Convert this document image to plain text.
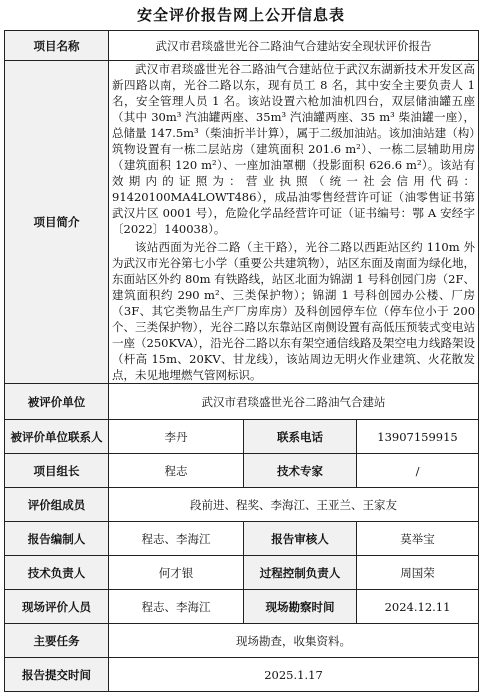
安全评价报告网上公开信息表
项目名称	武汉市君琰盛世光谷二路油气合建站安全现状评价报告		
项目简介	武汉市君琰盛世光谷二路油气合建站位于武汉东湖新技术开发区高新四路以南，光谷二路以东，现有员工 8 名，其中安全主要负责人 1 名，安全管理人员 1 名。该站设置六枪加油机四台，双层储油罐五座（其中 30m³ 汽油罐两座、35m³ 汽油罐两座、35 m³ 柴油罐一座），总储量 147.5m³（柴油折半计算），属于二级加油站。该加油站建（构）筑物设置有一栋二层站房（建筑面积 201.6 m²）、一栋二层辅助用房（建筑面积 120 m²）、一座加油罩棚（投影面积 626.6 m²）。该站有效期内的证照为：营业执照（统一社会信用代码：91420100MA4LOWT486），成品油零售经营许可证（油零售证书第武汉片区 0001 号），危险化学品经营许可证（证书编号：鄂 A 安经字〔2022〕140038）。

该站西面为光谷二路（主干路），光谷二路以西距站区约 110m 外为武汉市光谷第七小学（重要公共建筑物），站区东面及南面为绿化地，东面站区外约 80m 有铁路线，站区北面为锦湖 1 号科创园门房（2F、建筑面积约 290 m²、三类保护物）；锦湖 1 号科创园办公楼、厂房（3F、其它类物品生产厂房库房）及科创园停车位（停车位小于 200 个、三类保护物），光谷二路以东靠站区南侧设置有高低压预装式变电站一座（250KVA），沿光谷二路以东有架空通信线路及架空电力线路架设（杆高 15m、20KV、甘龙线），该站周边无明火作业建筑、火花散发点，未见地埋燃气管网标识。		

被评价单位	武汉市君琰盛世光谷二路油气合建站		
被评价单位联系人	李丹	联系电话	13907159915
项目组长	程志	技术专家	/
评价组成员	段前进、程奖、李海江、王亚兰、王家友		
报告编制人	程志、李海江	报告审核人	莫举宝
技术负责人	何才银	过程控制负责人	周国荣
现场评价人员	程志、李海江	现场勘察时间	2024.12.11
主要任务	现场勘查，收集资料。		
报告提交时间	2025.1.17		
